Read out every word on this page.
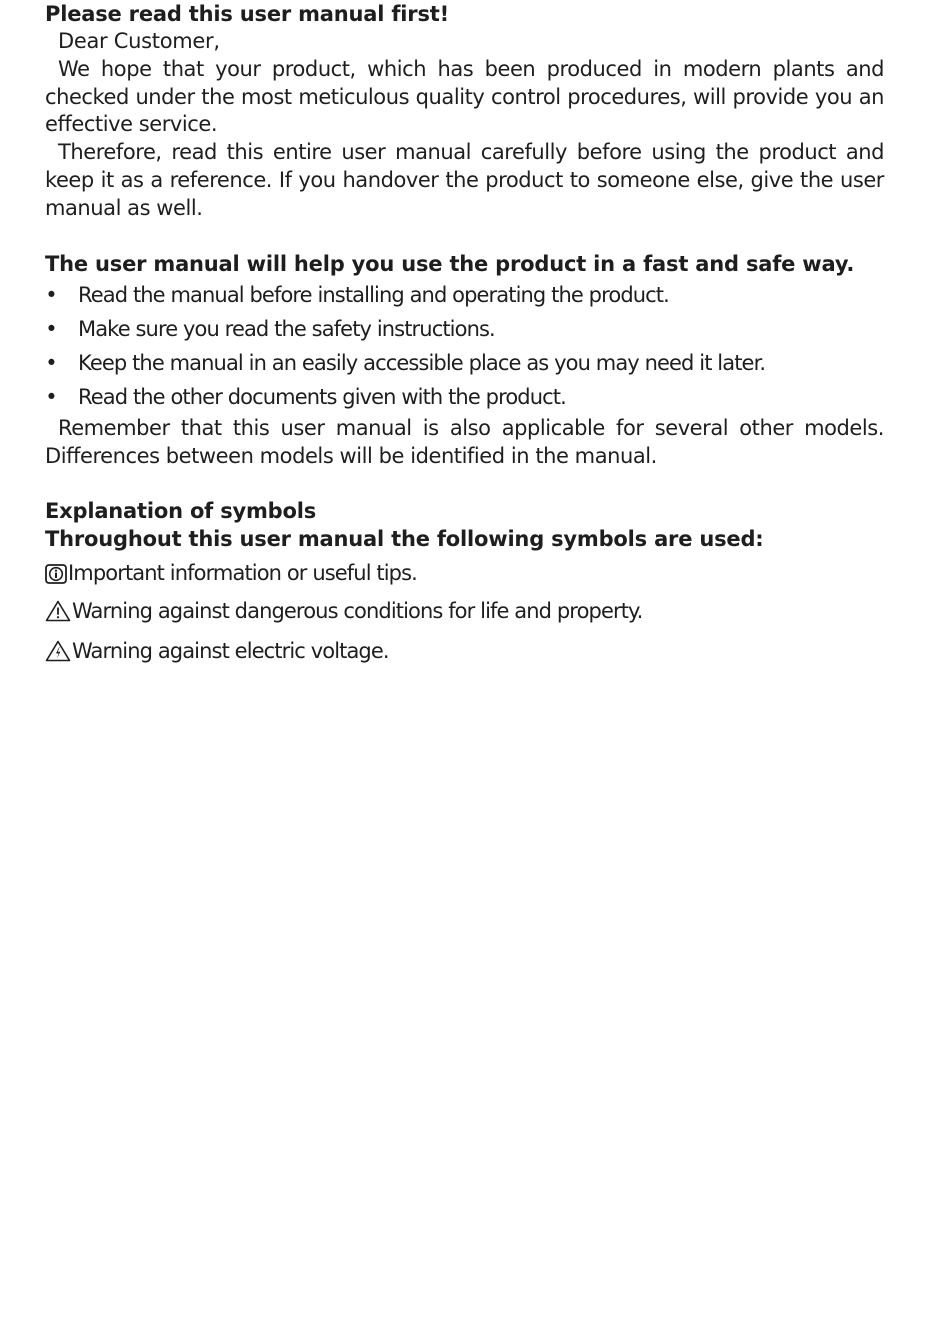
Please read this user manual first!

Dear Customer,

We hope that your product, which has been produced in modern plants and checked under the most meticulous quality control procedures, will provide you an effective service.

Therefore, read this entire user manual carefully before using the product and keep it as a reference. If you handover the product to someone else, give the user manual as well.

The user manual will help you use the product in a fast and safe way.
• Read the manual before installing and operating the product.
• Make sure you read the safety instructions.
• Keep the manual in an easily accessible place as you may need it later.
• Read the other documents given with the product.

Remember that this user manual is also applicable for several other models. Differences between models will be identified in the manual.

Explanation of symbols
Throughout this user manual the following symbols are used:
Important information or useful tips.
Warning against dangerous conditions for life and property.
Warning against electric voltage.
